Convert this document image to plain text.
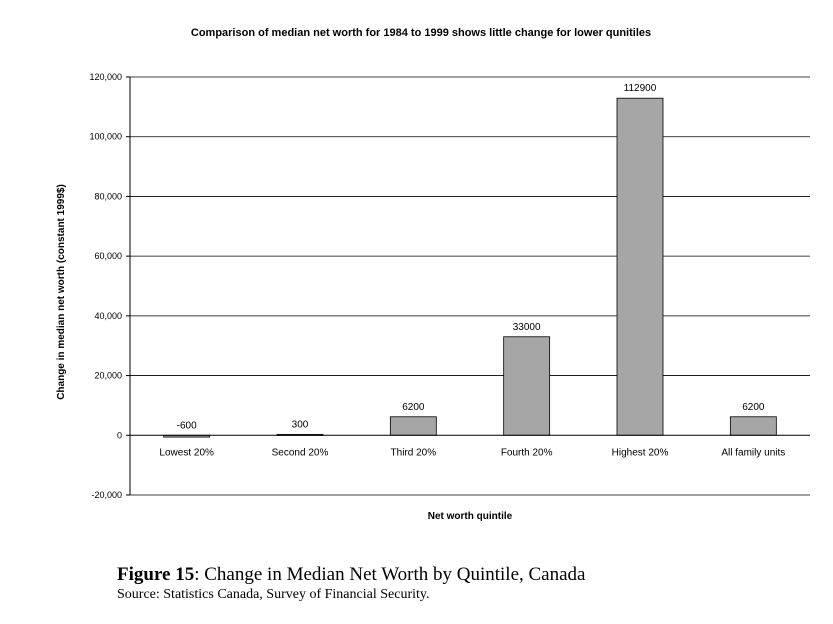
Comparison of median net worth for 1984 to 1999 shows little change for lower qunitiles
-20,000
0
20,000
40,000
60,000
80,000
100,000
120,000
-600	300
6200
33000
112900
6200
Lowest 20%	Second 20%	Third 20%	Fourth 20%	Highest 20%	All family units
Change in median net worth (constant 1999$)
Net worth quintile
Figure 15: Change in Median Net Worth by Quintile, Canada
Source: Statistics Canada, Survey of Financial Security.
